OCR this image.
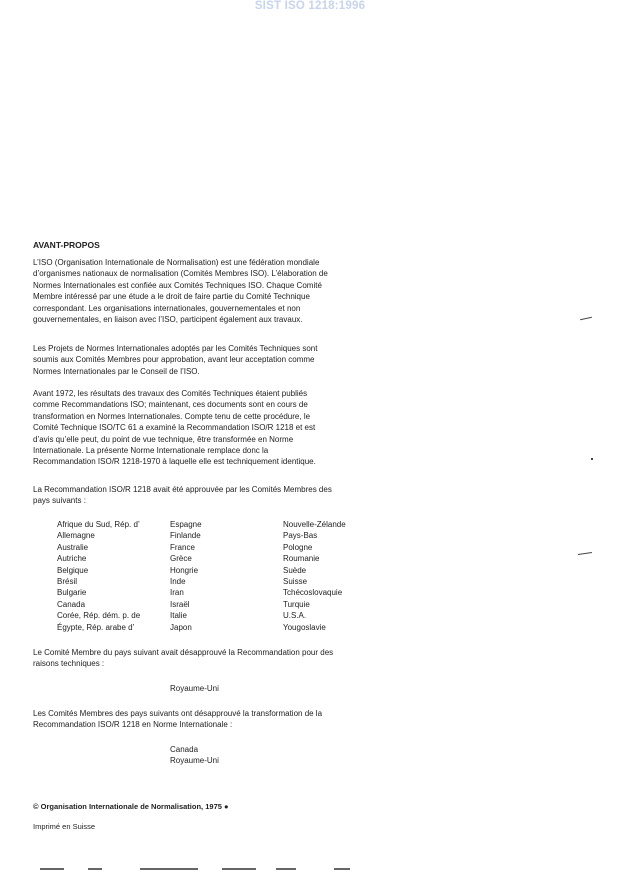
SIST ISO 1218:1996
AVANT-PROPOS
L’ISO (Organisation Internationale de Normalisation) est une fédération mondiale
d’organismes nationaux de normalisation (Comités Membres ISO). L’élaboration de
Normes Internationales est confiée aux Comités Techniques ISO. Chaque Comité
Membre intéressé par une étude a le droit de faire partie du Comité Technique
correspondant. Les organisations internationales, gouvernementales et non
gouvernementales, en liaison avec l’ISO, participent également aux travaux.
Les Projets de Normes Internationales adoptés par les Comités Techniques sont
soumis aux Comités Membres pour approbation, avant leur acceptation comme
Normes Internationales par le Conseil de l’ISO.
Avant 1972, les résultats des travaux des Comités Techniques étaient publiés
comme Recommandations ISO; maintenant, ces documents sont en cours de
transformation en Normes Internationales. Compte tenu de cette procédure, le
Comité Technique ISO/TC 61 a examiné la Recommandation ISO/R 1218 et est
d’avis qu’elle peut, du point de vue technique, être transformée en Norme
Internationale. La présente Norme Internationale remplace donc la
Recommandation ISO/R 1218-1970 à laquelle elle est techniquement identique.
La Recommandation ISO/R 1218 avait été approuvée par les Comités Membres des
pays suivants :
Afrique du Sud, Rép. d’
Allemagne
Australie
Autriche
Belgique
Brésil
Bulgarie
Canada
Corée, Rép. dém. p. de
Égypte, Rép. arabe d’
Espagne
Finlande
France
Grèce
Hongrie
Inde
Iran
Israël
Italie
Japon
Nouvelle-Zélande
Pays-Bas
Pologne
Roumanie
Suède
Suisse
Tchécoslovaquie
Turquie
U.S.A.
Yougoslavie
Le Comité Membre du pays suivant avait désapprouvé la Recommandation pour des
raisons techniques :
Royaume-Uni
Les Comités Membres des pays suivants ont désapprouvé la transformation de la
Recommandation ISO/R 1218 en Norme Internationale :
Canada
Royaume-Uni
© Organisation Internationale de Normalisation, 1975 ●
Imprimé en Suisse
